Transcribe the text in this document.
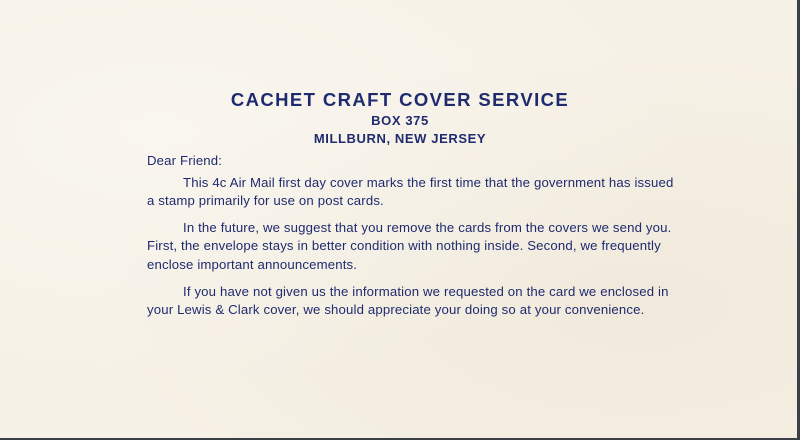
CACHET CRAFT COVER SERVICE

BOX 375

MILLBURN, NEW JERSEY

Dear Friend:

This 4c Air Mail first day cover marks the first time that the government has issued a stamp primarily for use on post cards.

In the future, we suggest that you remove the cards from the covers we send you. First, the envelope stays in better condition with nothing inside. Second, we frequently enclose important announcements.

If you have not given us the information we requested on the card we enclosed in your Lewis & Clark cover, we should appreciate your doing so at your convenience.
